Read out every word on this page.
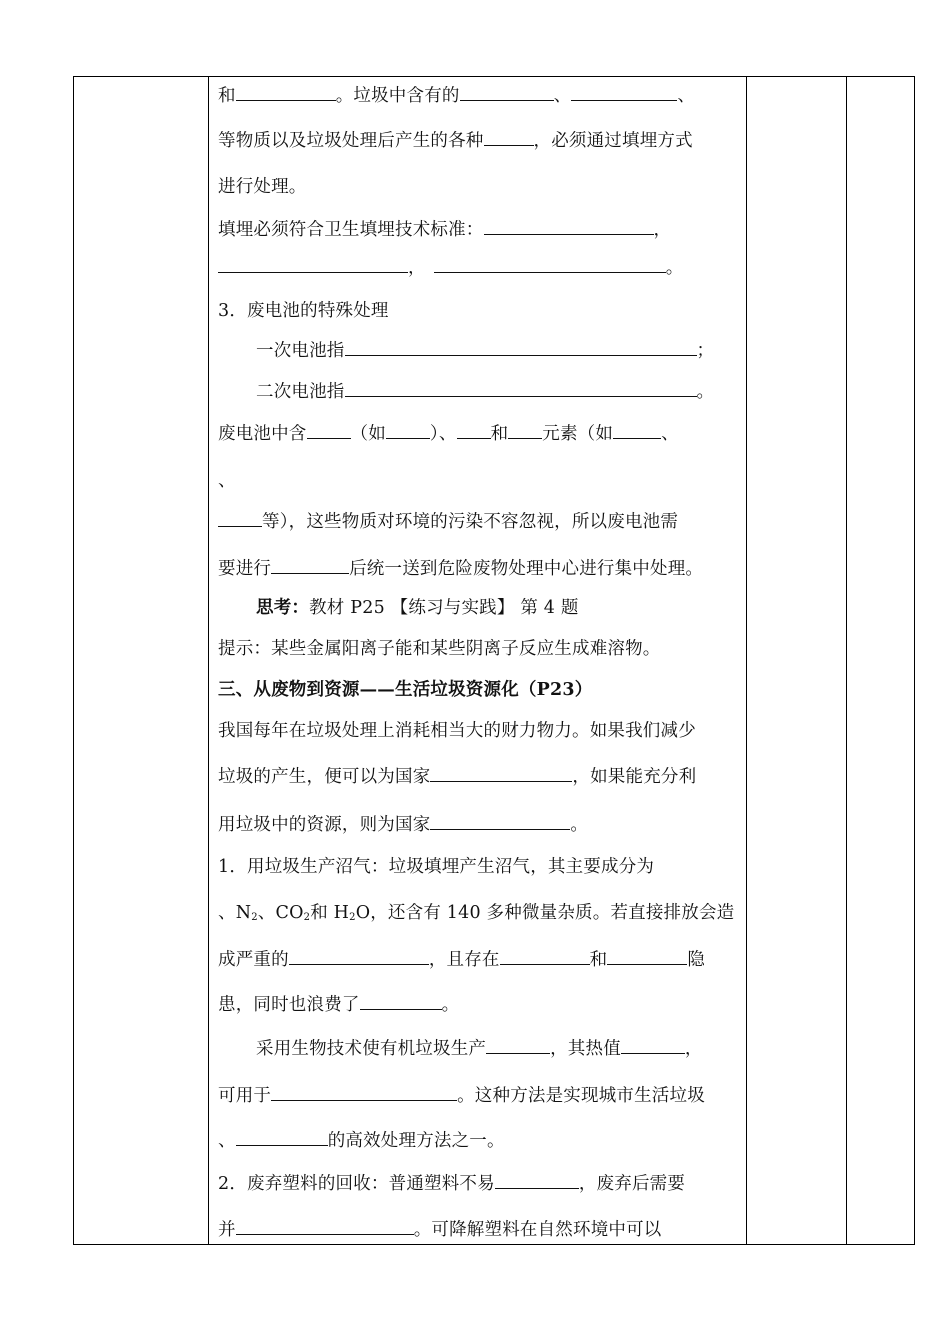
和	。垃圾中含有的	、	、
等物质以及垃圾处理后产生的各种	，必须通过填埋方式
进行处理。
填埋必须符合卫生填埋技术标准：	，
，	。
3．废电池的特殊处理
一次电池指	；
二次电池指	。
废电池中含	（如	）、 和 元素（如	、
、
等），这些物质对环境的污染不容忽视，所以废电池需
要进行	后统一送到危险废物处理中心进行集中处理。
思考：教材 P25 【练习与实践】 第 4 题
提示：某些金属阳离子能和某些阴离子反应生成难溶物。
三、从废物到资源——生活垃圾资源化（P23）
我国每年在垃圾处理上消耗相当大的财力物力。如果我们减少
垃圾的产生，便可以为国家	，如果能充分利
用垃圾中的资源，则为国家	。
1．用垃圾生产沼气：垃圾填埋产生沼气，其主要成分为
、$N_2$、$CO_2$和 $H_2O$，还含有 140 多种微量杂质。若直接排放会造
成严重的	，且存在	和	隐
患，同时也浪费了	。
采用生物技术使有机垃圾生产	，其热值	，
可用于	。这种方法是实现城市生活垃圾
、	的高效处理方法之一。
2．废弃塑料的回收：普通塑料不易	，废弃后需要
并	。可降解塑料在自然环境中可以
